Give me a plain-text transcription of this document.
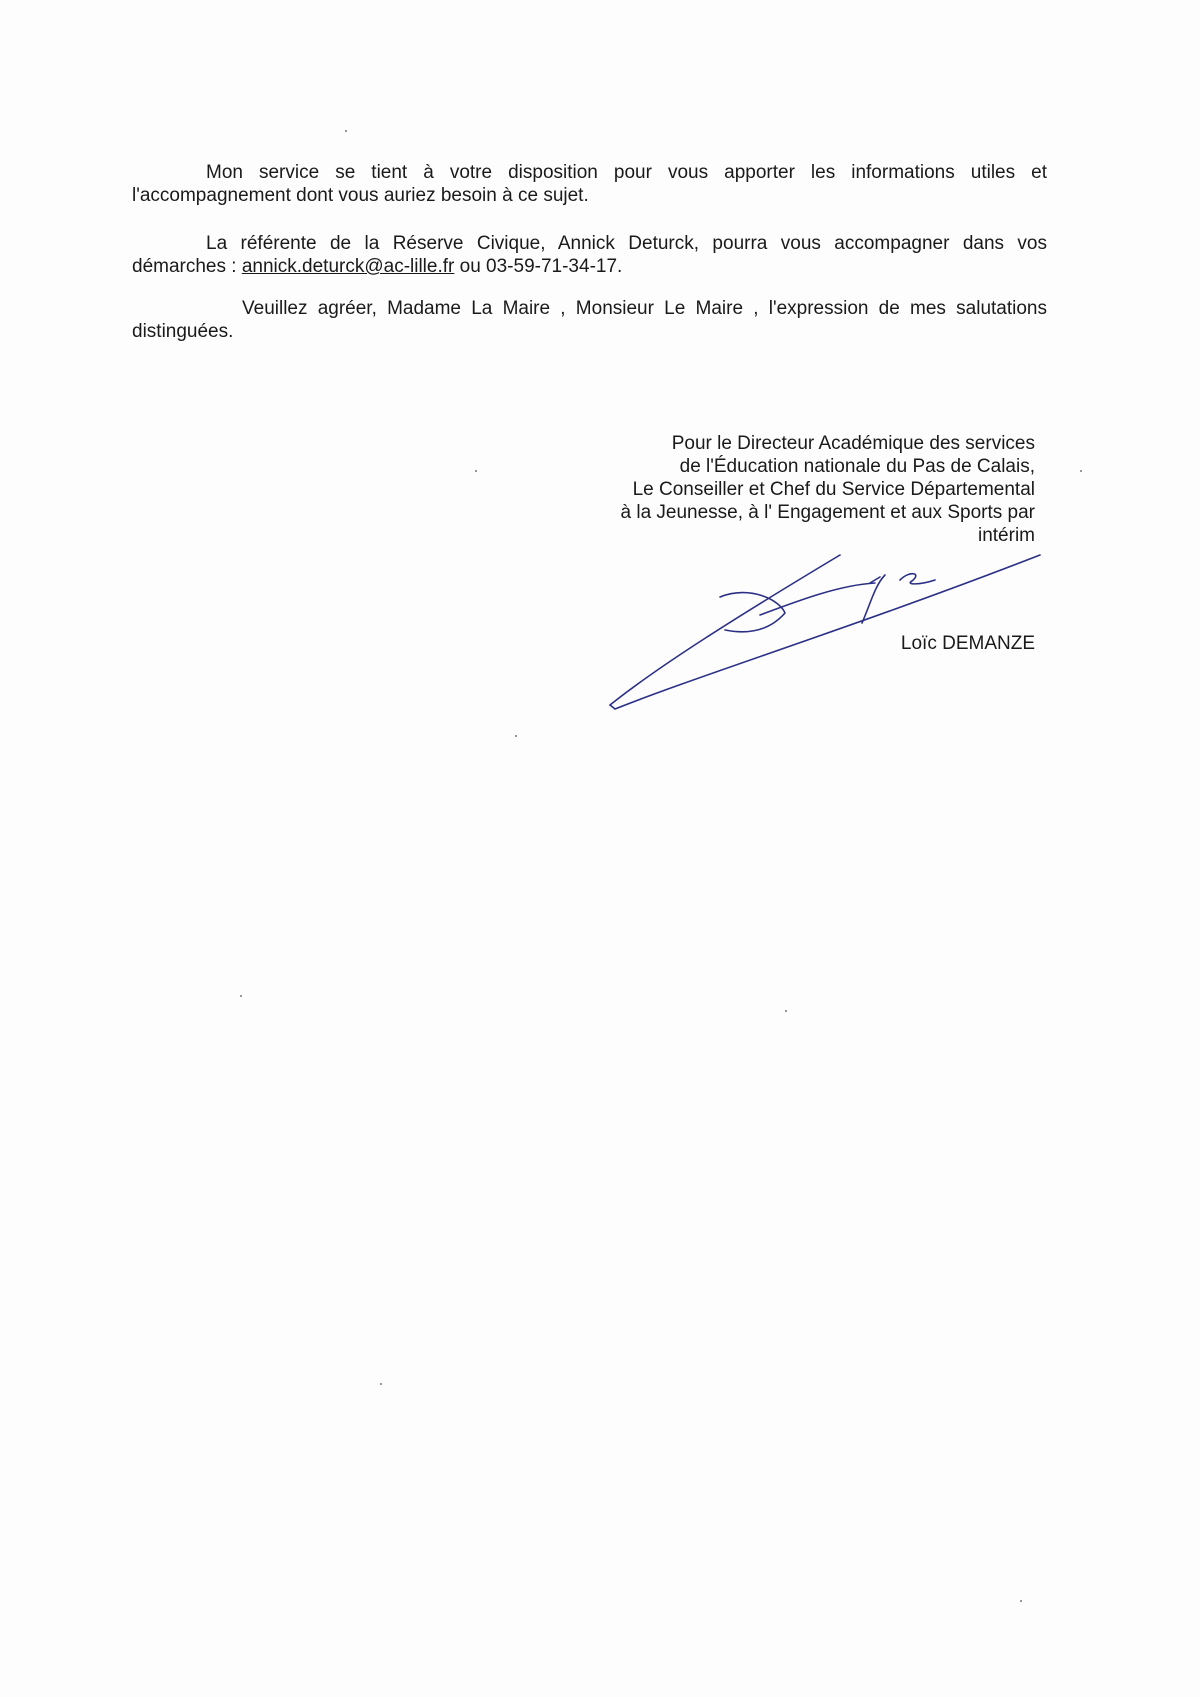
Mon service se tient à votre disposition pour vous apporter les informations utiles et l'accompagnement dont vous auriez besoin à ce sujet.

La référente de la Réserve Civique, Annick Deturck, pourra vous accompagner dans vos démarches : annick.deturck@ac-lille.fr ou 03-59-71-34-17.

Veuillez agréer, Madame La Maire , Monsieur Le Maire , l'expression de mes salutations distinguées.

Pour le Directeur Académique des services
de l'Éducation nationale du Pas de Calais,
Le Conseiller et Chef du Service Départemental
à la Jeunesse, à l' Engagement et aux Sports par
intérim
Loïc DEMANZE
